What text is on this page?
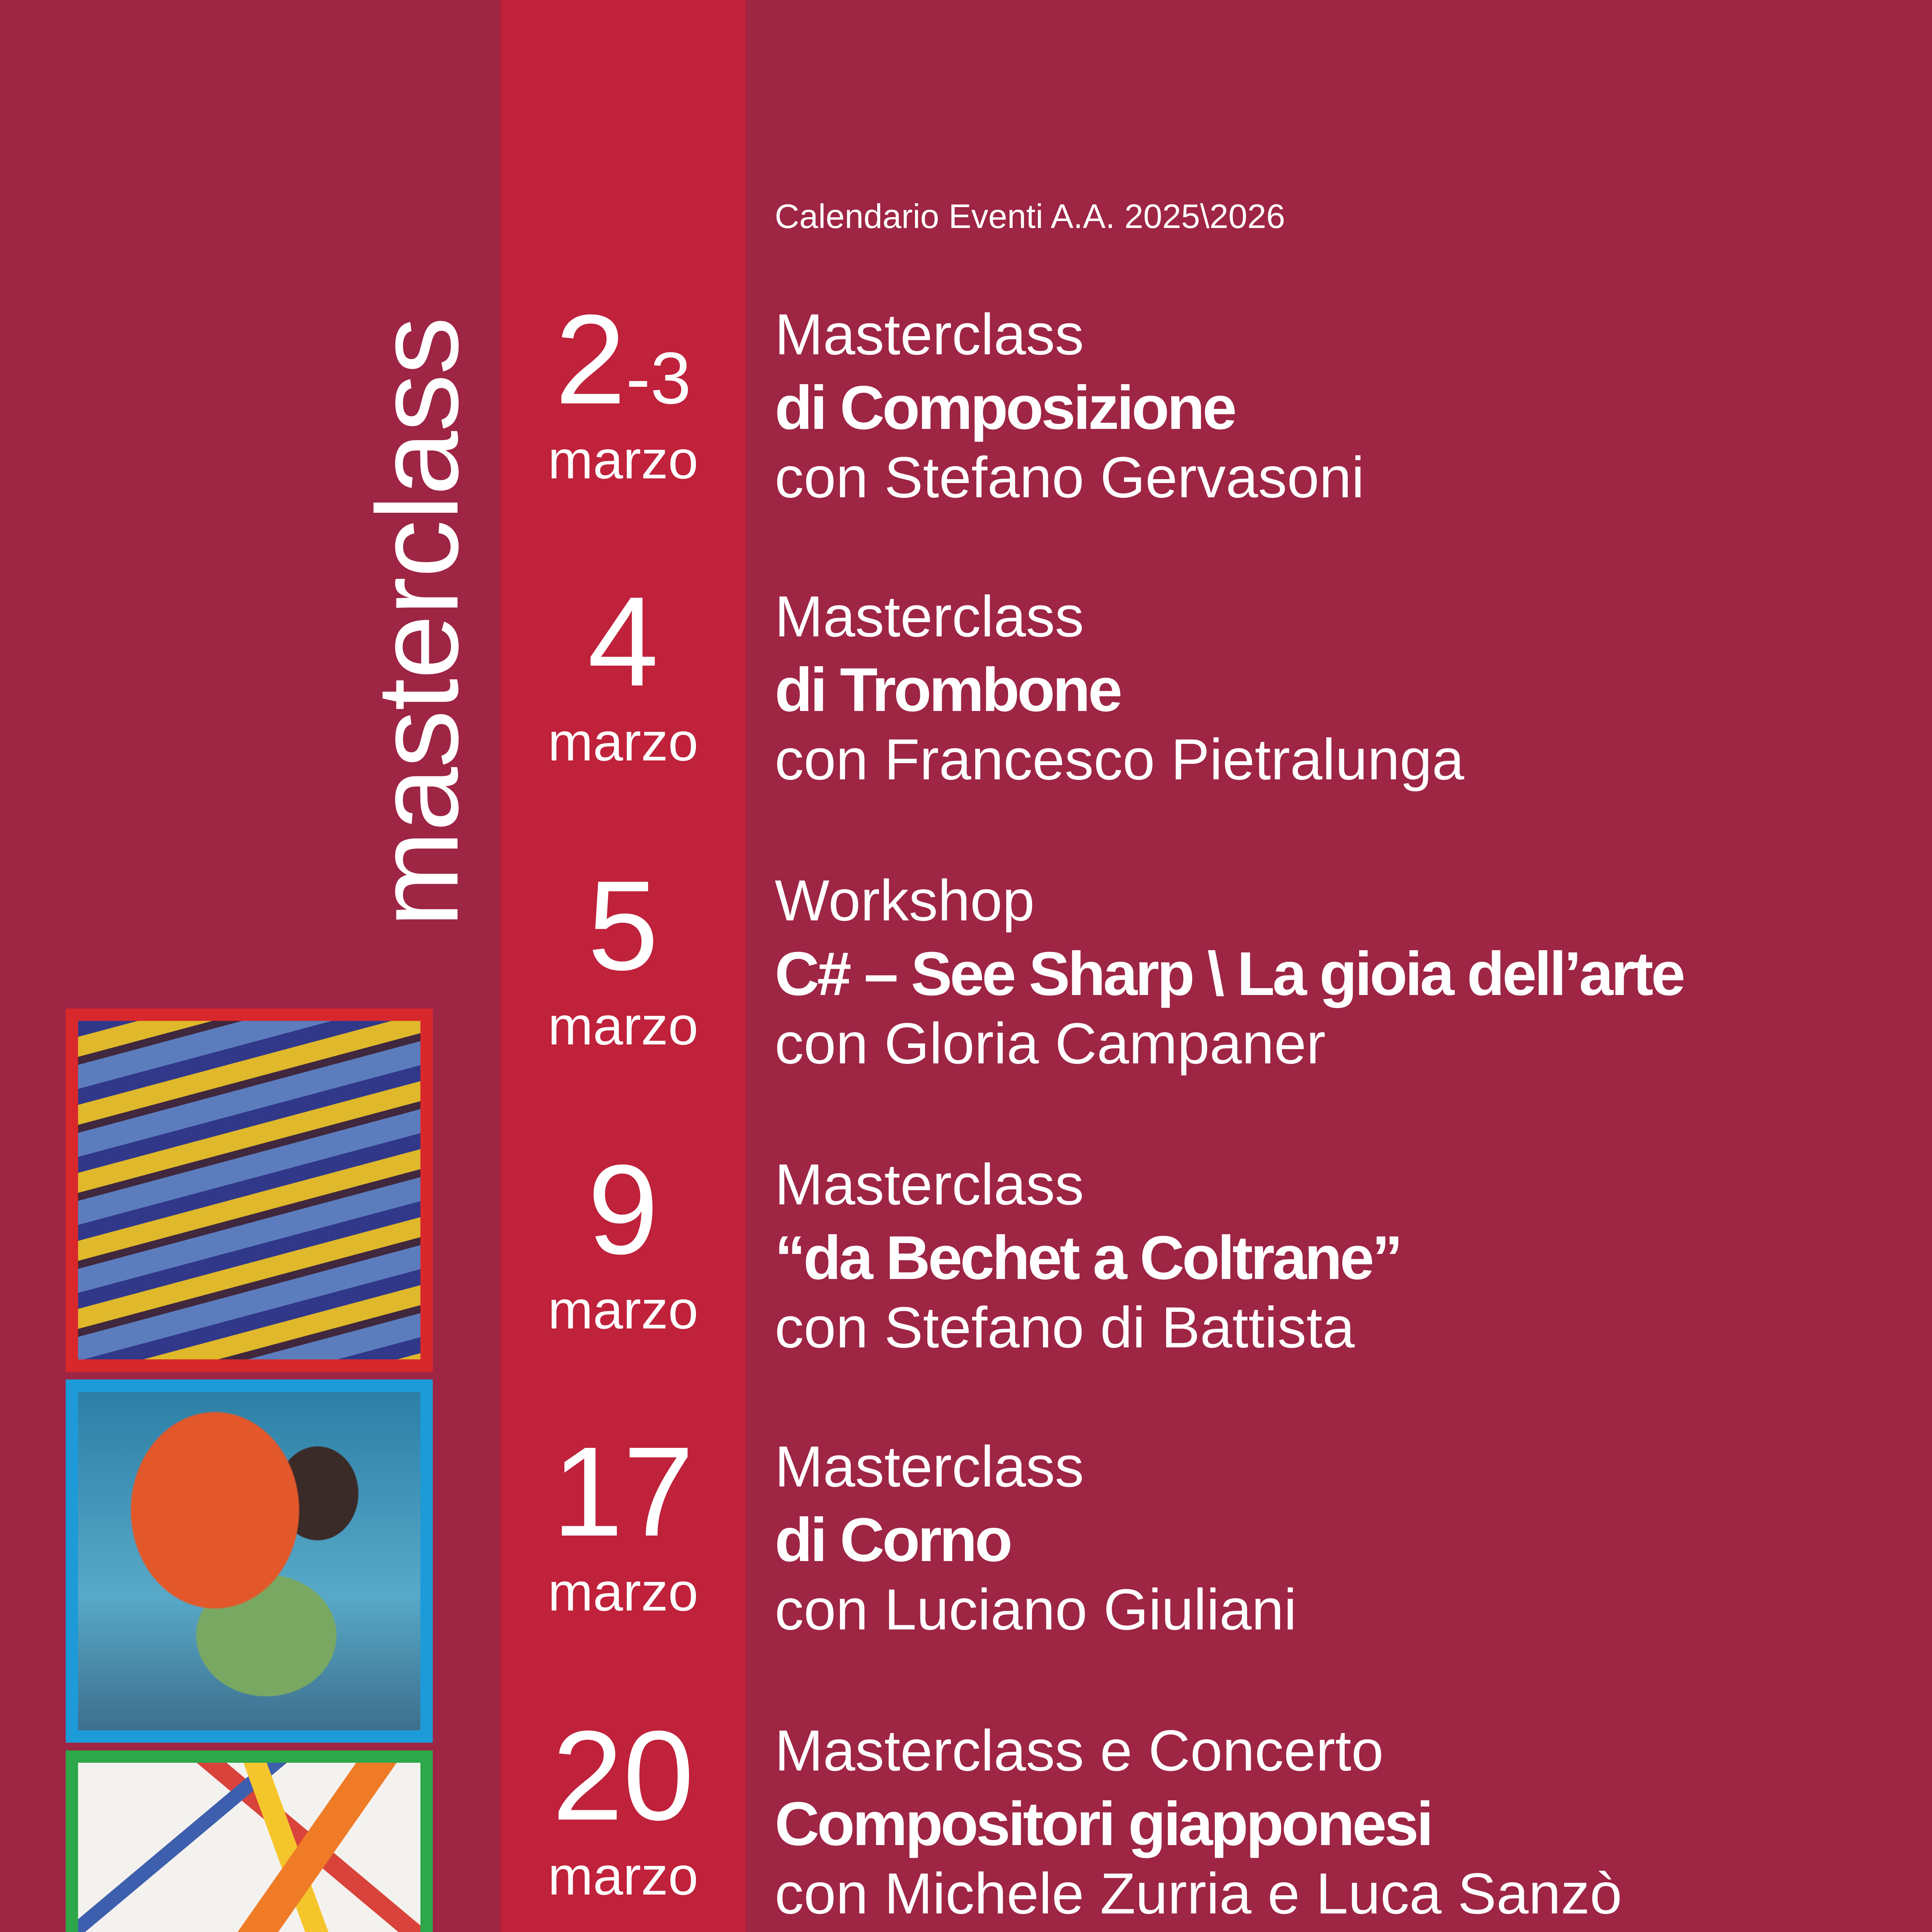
masterclass
Calendario Eventi A.A. 2025\2026
2-3
marzo
Masterclass
di Composizione
con Stefano Gervasoni
4
marzo
Masterclass
di Trombone
con Francesco Pietralunga
5
marzo
Workshop
C# – See Sharp \ La gioia dell’arte
con Gloria Campaner
9
marzo
Masterclass
“da Bechet a Coltrane”
con Stefano di Battista
17
marzo
Masterclass
di Corno
con Luciano Giuliani
20
marzo
Masterclass e Concerto
Compositori giapponesi
con Michele Zurria e Luca Sanzò
